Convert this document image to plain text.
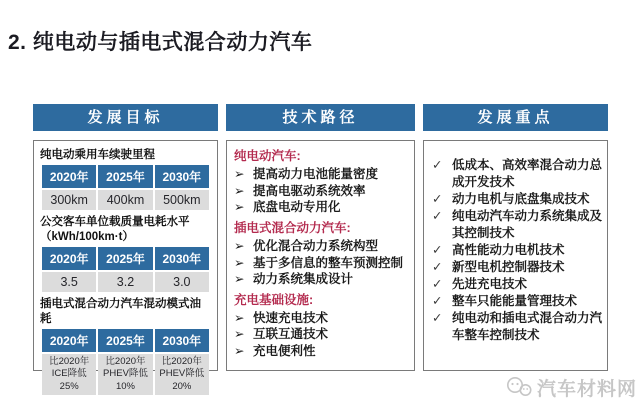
2. 纯电动与插电式混合动力汽车
发展目标
纯电动乘用车续驶里程
2020年	2025年	2030年
300km	400km	500km
公交客车单位载质量电耗水平（kWh/100km·t）
2020年	2025年	2030年
3.5	3.2	3.0
插电式混合动力汽车混动模式油耗
2020年	2025年	2030年
比2020年 ICE降低 25%	比2020年 PHEV降低 10%	比2020年 PHEV降低 20%
技术路径
纯电动汽车:
➢ 提高动力电池能量密度
➢ 提高电驱动系统效率
➢ 底盘电动专用化
插电式混合动力汽车:
➢ 优化混合动力系统构型
➢ 基于多信息的整车预测控制
➢ 动力系统集成设计
充电基础设施:
➢ 快速充电技术
➢ 互联互通技术
➢ 充电便利性
发展重点
✓ 低成本、高效率混合动力总成开发技术
✓ 动力电机与底盘集成技术
✓ 纯电动汽车动力系统集成及其控制技术
✓ 高性能动力电机技术
✓ 新型电机控制器技术
✓ 先进充电技术
✓ 整车只能能量管理技术
✓ 纯电动和插电式混合动力汽车整车控制技术
汽车材料网
